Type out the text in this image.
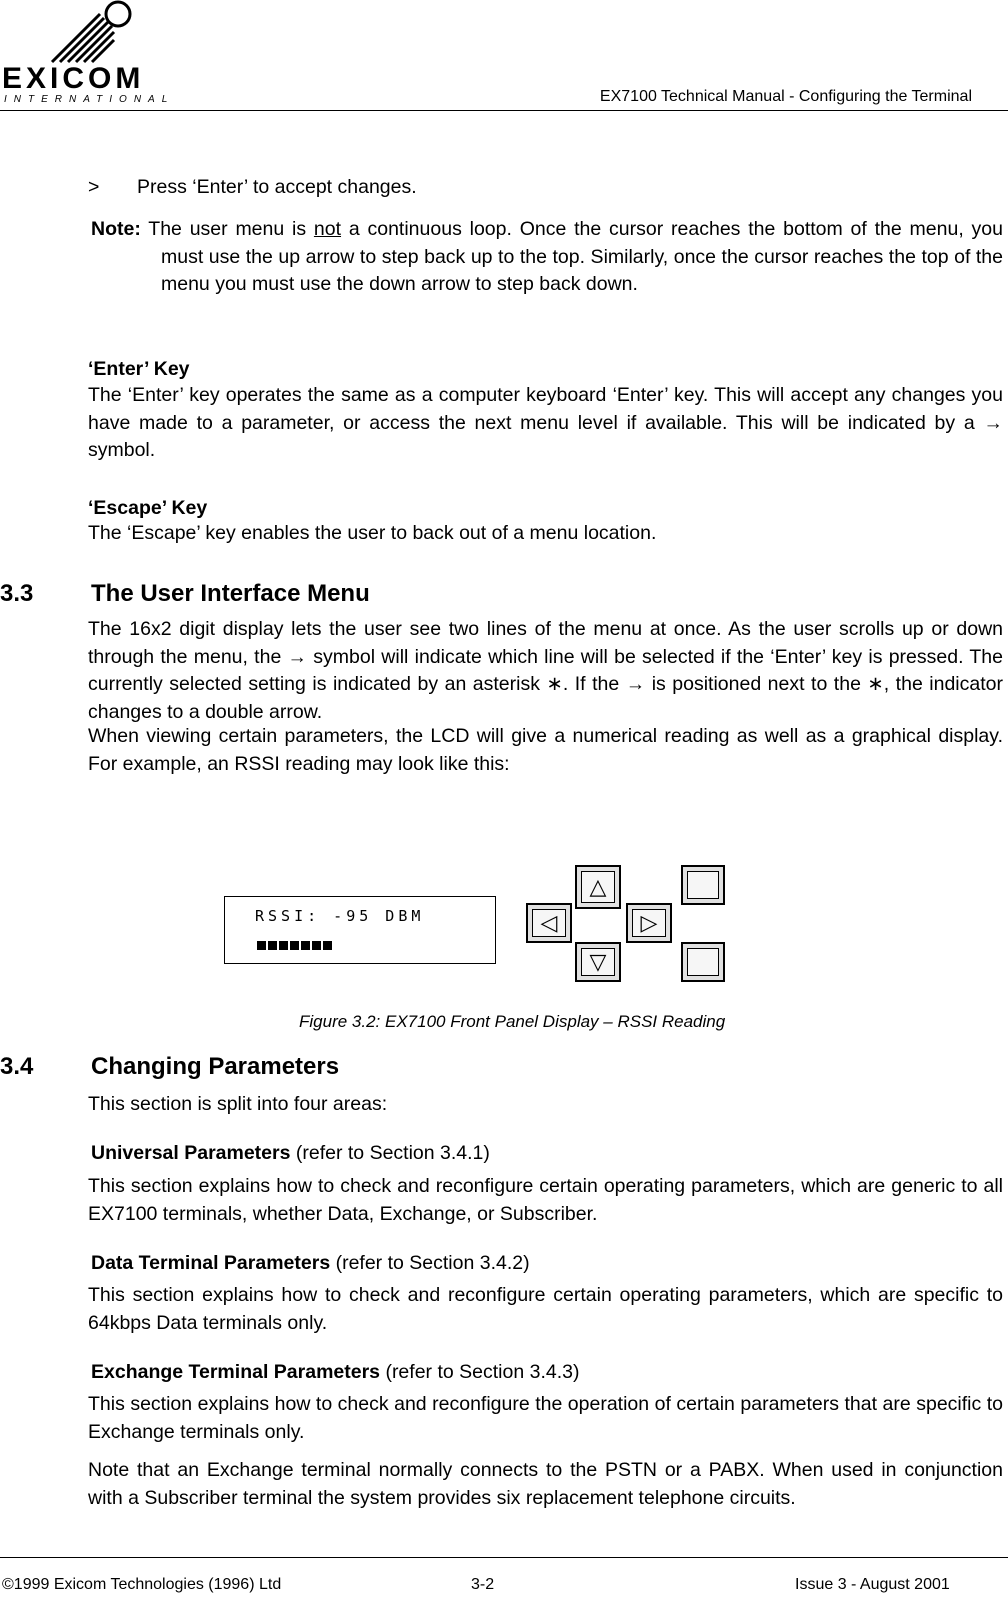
EXICOM
INTERNATIONAL	EX7100 Technical Manual - Configuring the Terminal
> Press ‘Enter’ to accept changes.
Note: The user menu is not a continuous loop. Once the cursor reaches the bottom of the menu, you must use the up arrow to step back up to the top. Similarly, once the cursor reaches the top of the menu you must use the down arrow to step back down.
‘Enter’ Key
The ‘Enter’ key operates the same as a computer keyboard ‘Enter’ key. This will accept any changes you have made to a parameter, or access the next menu level if available. This will be indicated by a → symbol.
‘Escape’ Key
The ‘Escape’ key enables the user to back out of a menu location.
3.3 The User Interface Menu
The 16x2 digit display lets the user see two lines of the menu at once. As the user scrolls up or down through the menu, the → symbol will indicate which line will be selected if the ‘Enter’ key is pressed. The currently selected setting is indicated by an asterisk ∗. If the → is positioned next to the ∗, the indicator changes to a double arrow.
When viewing certain parameters, the LCD will give a numerical reading as well as a graphical display. For example, an RSSI reading may look like this:
RSSI: -95 DBM
△
◁	▷
▽
Figure 3.2: EX7100 Front Panel Display – RSSI Reading
3.4 Changing Parameters
This section is split into four areas:
Universal Parameters (refer to Section 3.4.1)
This section explains how to check and reconfigure certain operating parameters, which are generic to all EX7100 terminals, whether Data, Exchange, or Subscriber.
Data Terminal Parameters (refer to Section 3.4.2)
This section explains how to check and reconfigure certain operating parameters, which are specific to 64kbps Data terminals only.
Exchange Terminal Parameters (refer to Section 3.4.3)
This section explains how to check and reconfigure the operation of certain parameters that are specific to Exchange terminals only.
Note that an Exchange terminal normally connects to the PSTN or a PABX. When used in conjunction with a Subscriber terminal the system provides six replacement telephone circuits.
©1999 Exicom Technologies (1996) Ltd	3-2	Issue 3 - August 2001
